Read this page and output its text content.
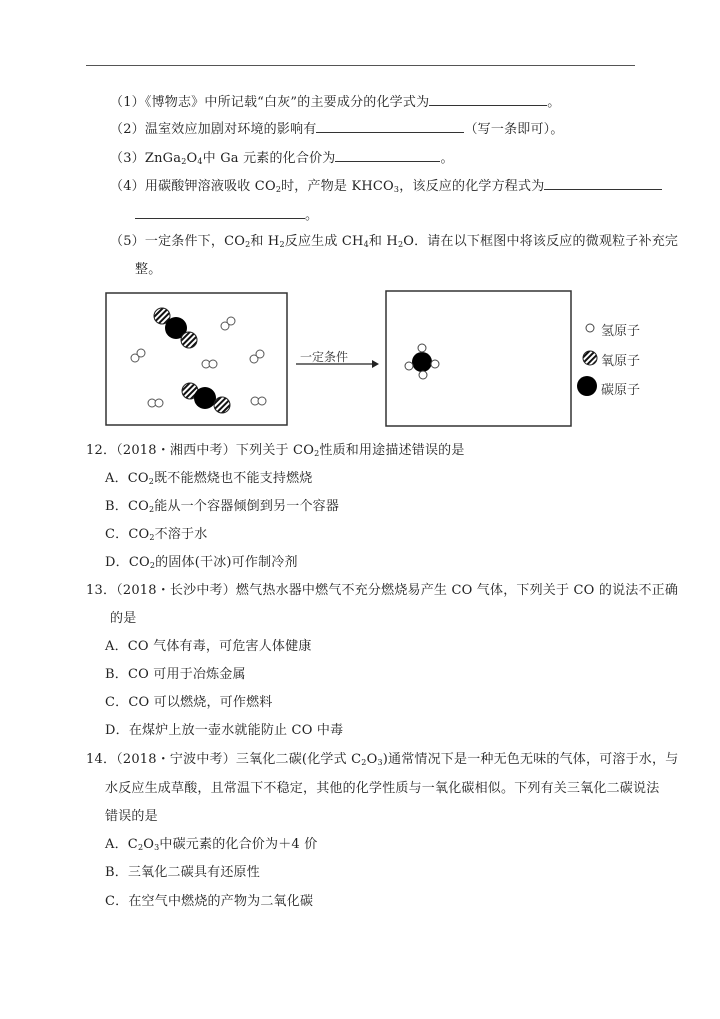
（1）《博物志》中所记载“白灰”的主要成分的化学式为	。
（2）温室效应加剧对环境的影响有	（写一条即可）。
$(3)ZnGa_2O_4$中 Ga 元素的化合价为	。
（4）用碳酸钾溶液吸收 $CO_2$时，产物是 $KHCO_3$，该反应的化学方程式为
。
（5）一定条件下，$CO_2$和 $H_2$反应生成 $CH_4$和 $H_2O$．请在以下框图中将该反应的微观粒子补充完
整。
一定条件
氢原子
氧原子
碳原子
12．（2018・湘西中考）下列关于 $CO_2$性质和用途描述错误的是
A．$CO_2$既不能燃烧也不能支持燃烧
B．$CO_2$能从一个容器倾倒到另一个容器
C．$CO_2$不溶于水
D．$CO_2$的固体(干冰)可作制冷剂
13．（2018・长沙中考）燃气热水器中燃气不充分燃烧易产生 CO 气体，下列关于 CO 的说法不正确
的是
A．CO 气体有毒，可危害人体健康
B．CO 可用于冶炼金属
C．CO 可以燃烧，可作燃料
D．在煤炉上放一壶水就能防止 CO 中毒
14．（2018・宁波中考）三氧化二碳(化学式 $C_2O_3$)通常情况下是一种无色无味的气体，可溶于水，与
水反应生成草酸，且常温下不稳定，其他的化学性质与一氧化碳相似。下列有关三氧化二碳说法
错误的是
A．$C_2O_3$中碳元素的化合价为＋4 价
B．三氧化二碳具有还原性
C．在空气中燃烧的产物为二氧化碳
